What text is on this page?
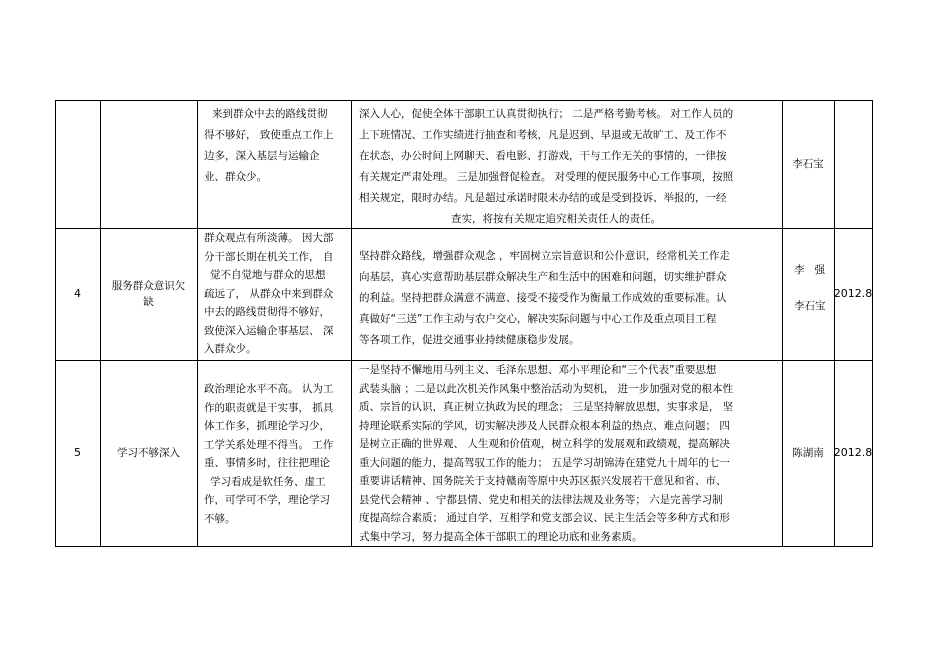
来到群众中去的路线贯彻
得不够好， 致使重点工作上
边多，深入基层与运输企
业、群众少。
深入人心，促使全体干部职工认真贯彻执行； 二是严格考勤考核。 对工作人员的
上下班情况、工作实绩进行抽查和考核，凡是迟到、早退或无故旷工、及工作不
在状态，办公时间上网聊天、看电影、打游戏，干与工作无关的事情的，一律按
有关规定严肃处理。 三是加强督促检查。 对受理的便民服务中心工作事项，按照
相关规定，限时办结。凡是超过承诺时限未办结的或是受到投诉、举报的，一经
查实，将按有关规定追究相关责任人的责任。
李石宝
4
服务群众意识欠缺
群众观点有所淡薄。 因大部
分干部长期在机关工作， 自
觉不自觉地与群众的思想
疏远了， 从群众中来到群众
中去的路线贯彻得不够好，
致使深入运输企事基层、 深
入群众少。
坚持群众路线，增强群众观念 ，牢固树立宗旨意识和公仆意识，经常机关工作走
向基层，真心实意帮助基层群众解决生产和生活中的困难和问题，切实维护群众
的利益。坚持把群众满意不满意、接受不接受作为衡量工作成效的重要标准。认
真做好“三送”工作主动与农户交心，解决实际问题与中心工作及重点项目工程
等各项工作，促进交通事业持续健康稳步发展。
李   强
李石宝
2012.8
5	学习不够深入
政治理论水平不高。 认为工
作的职责就是干实事， 抓具
体工作多，抓理论学习少，
工学关系处理不得当。 工作
重、事情多时，往往把理论
学习看成是软任务、虚工
作，可学可不学，理论学习
不够。
一是坚持不懈地用马列主义、毛泽东思想、邓小平理论和“三个代表”重要思想
武装头脑 ；二是以此次机关作风集中整治活动为契机， 进一步加强对党的根本性
质、宗旨的认识，真正树立执政为民的理念； 三是坚持解放思想，实事求是， 坚
持理论联系实际的学风，切实解决涉及人民群众根本利益的热点、难点问题； 四
是树立正确的世界观、 人生观和价值观，树立科学的发展观和政绩观，提高解决
重大问题的能力，提高驾驭工作的能力； 五是学习胡锦涛在建党九十周年的七一
重要讲话精神、国务院关于支持赣南等原中央苏区振兴发展若干意见和省、市、
县党代会精神 、宁都县情、党史和相关的法律法规及业务等； 六是完善学习制
度提高综合素质； 通过自学、互相学和党支部会议、民主生活会等多种方式和形
式集中学习，努力提高全体干部职工的理论功底和业务素质。
陈湖南 2012.8
